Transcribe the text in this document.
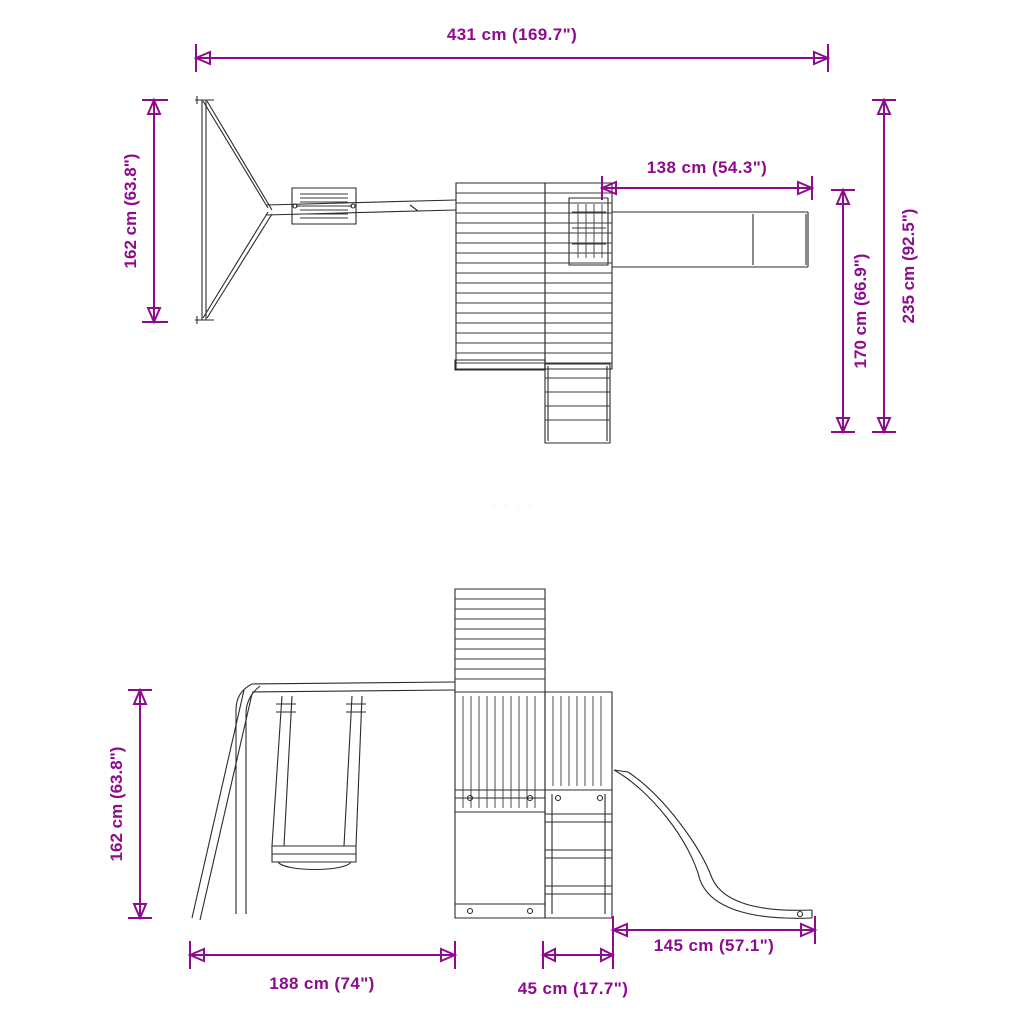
431 cm (169.7")
162 cm (63.8")	138 cm (54.3")
235 cm (92.5")
170 cm (66.9")
· · · ·
162 cm (63.8")
188 cm (74")	45 cm (17.7")
145 cm (57.1")
